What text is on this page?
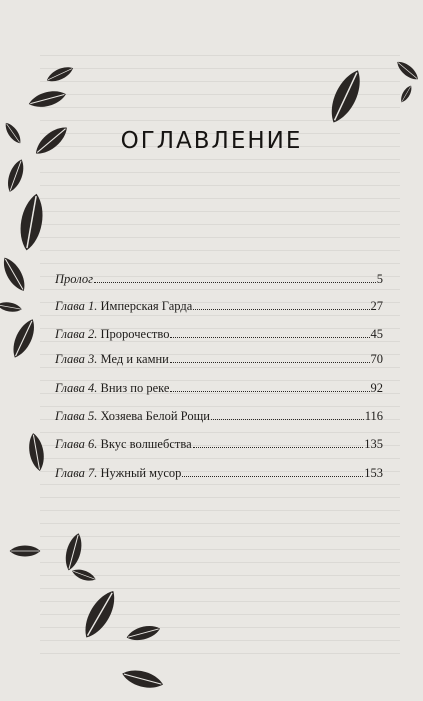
ОГЛАВЛЕНИЕ
Пролог	5
Глава 1. Имперская Гарда	27
Глава 2. Пророчество	45
Глава 3. Мед и камни	70
Глава 4. Вниз по реке	92
Глава 5. Хозяева Белой Рощи	116
Глава 6. Вкус волшебства	135
Глава 7. Нужный мусор	153
